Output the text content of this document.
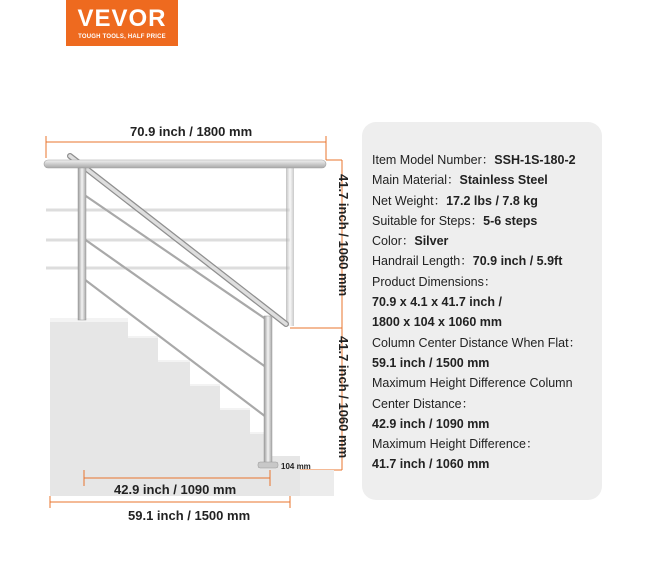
VEVOR
TOUGH TOOLS, HALF PRICE
70.9 inch / 1800 mm
41.7 inch / 1060 mm
41.7 inch / 1060 mm
104 mm
42.9 inch / 1090 mm
59.1 inch / 1500 mm
Item Model Number：SSH-1S-180-2
Main Material：Stainless Steel
Net Weight：17.2 lbs / 7.8 kg
Suitable for Steps：5-6 steps
Color：Silver
Handrail Length：70.9 inch / 5.9ft
Product Dimensions：
70.9 x 4.1 x 41.7 inch /
1800 x 104 x 1060 mm
Column Center Distance When Flat：
59.1 inch / 1500 mm
Maximum Height Difference Column
Center Distance：
42.9 inch / 1090 mm
Maximum Height Difference：
41.7 inch / 1060 mm
